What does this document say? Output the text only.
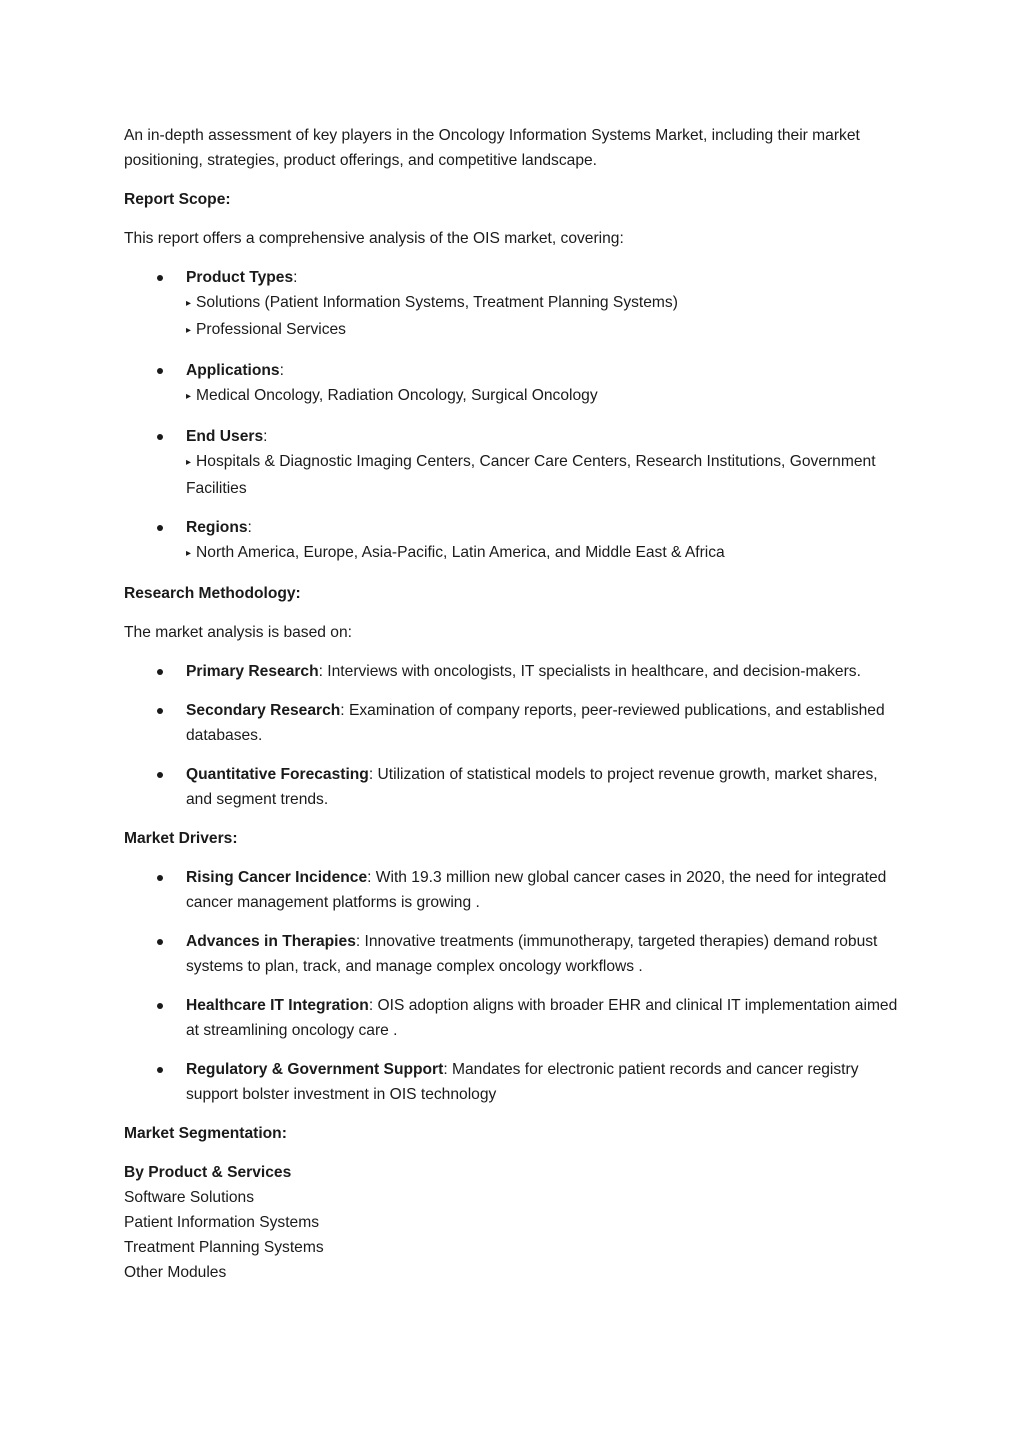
An in-depth assessment of key players in the Oncology Information Systems Market, including their market positioning, strategies, product offerings, and competitive landscape.

Report Scope:

This report offers a comprehensive analysis of the OIS market, covering:

Product Types:
▸ Solutions (Patient Information Systems, Treatment Planning Systems)
▸ Professional Services
Applications:
▸ Medical Oncology, Radiation Oncology, Surgical Oncology
End Users:
▸ Hospitals & Diagnostic Imaging Centers, Cancer Care Centers, Research Institutions, Government Facilities
Regions:
▸ North America, Europe, Asia-Pacific, Latin America, and Middle East & Africa

Research Methodology:

The market analysis is based on:

Primary Research: Interviews with oncologists, IT specialists in healthcare, and decision-makers.
Secondary Research: Examination of company reports, peer-reviewed publications, and established databases.
Quantitative Forecasting: Utilization of statistical models to project revenue growth, market shares, and segment trends.

Market Drivers:

Rising Cancer Incidence: With 19.3 million new global cancer cases in 2020, the need for integrated cancer management platforms is growing .
Advances in Therapies: Innovative treatments (immunotherapy, targeted therapies) demand robust systems to plan, track, and manage complex oncology workflows .
Healthcare IT Integration: OIS adoption aligns with broader EHR and clinical IT implementation aimed at streamlining oncology care .
Regulatory & Government Support: Mandates for electronic patient records and cancer registry support bolster investment in OIS technology

Market Segmentation:

By Product & Services
Software Solutions
Patient Information Systems
Treatment Planning Systems
Other Modules
